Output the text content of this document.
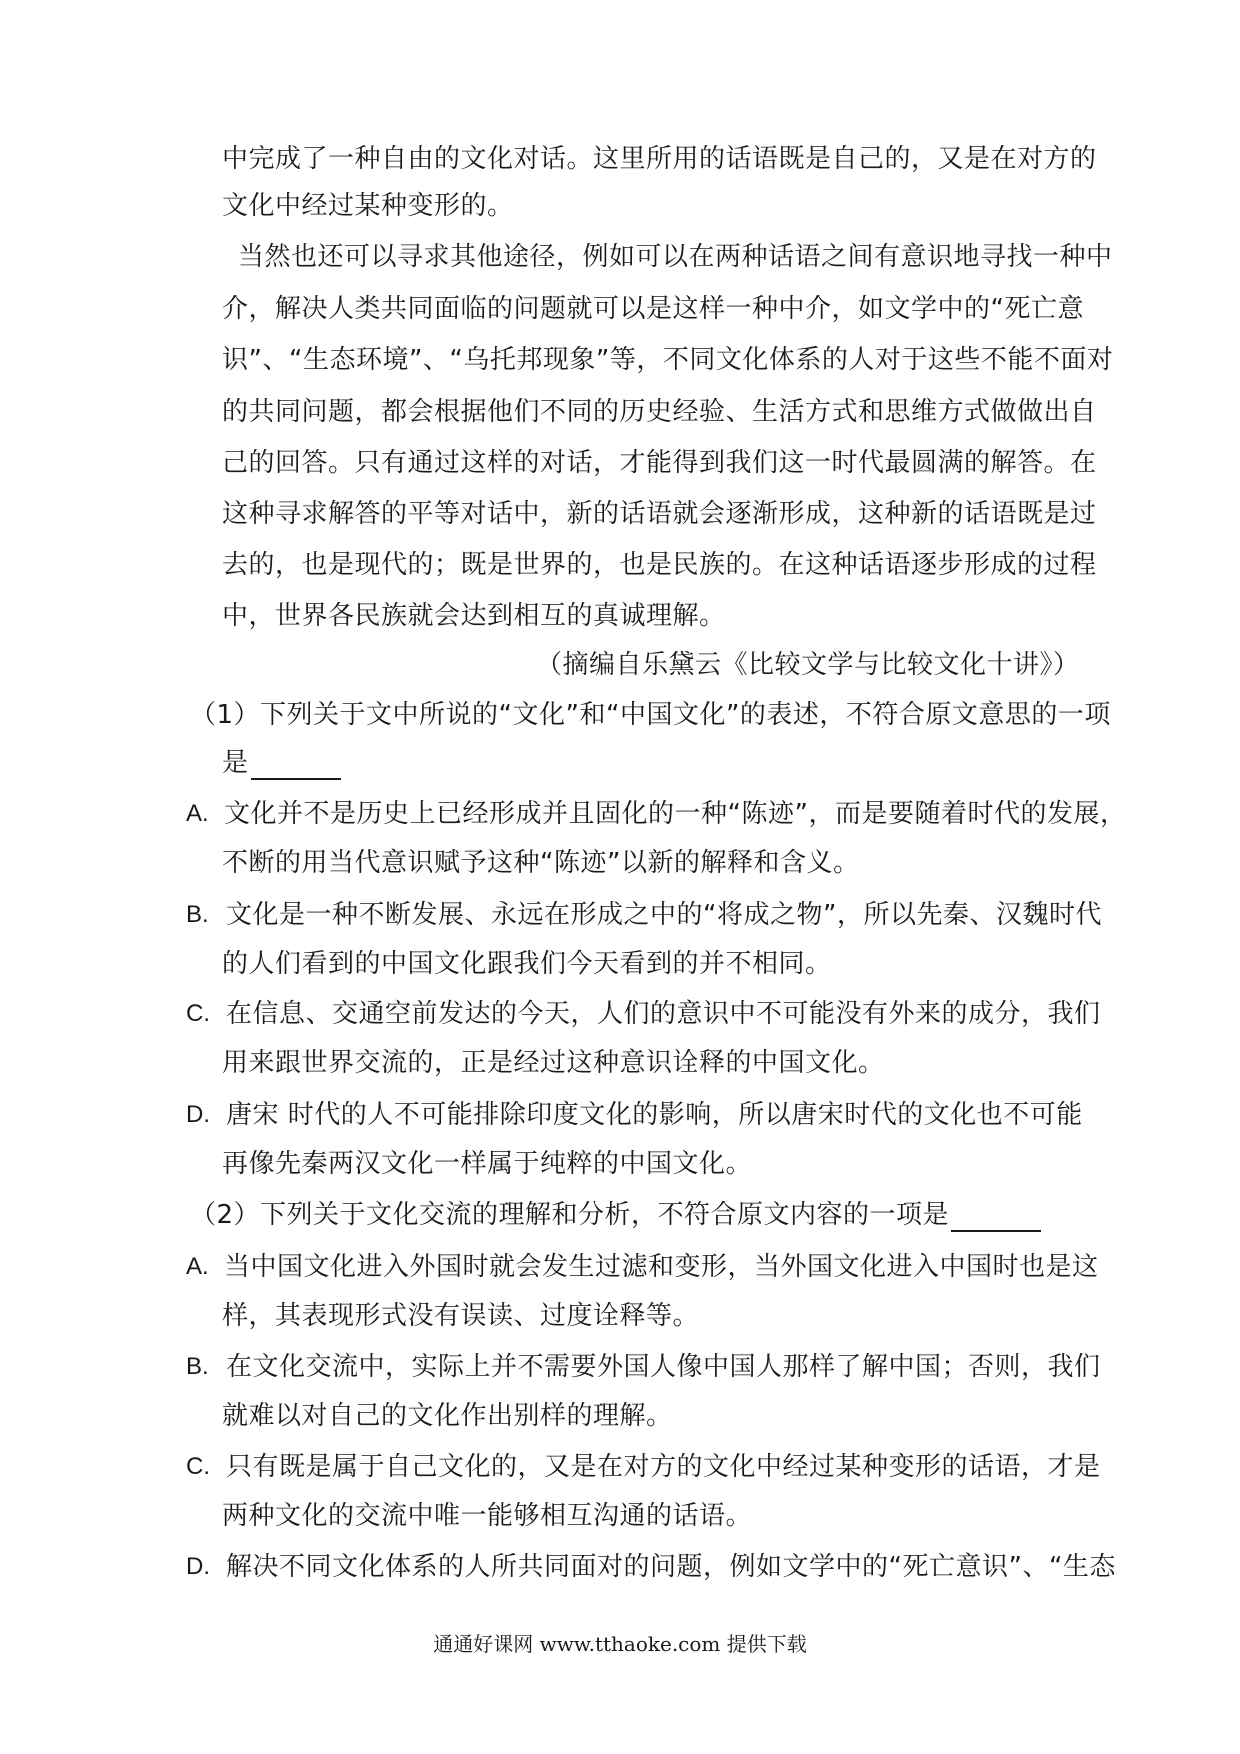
中完成了一种自由的文化对话。这里所用的话语既是自己的，又是在对方的
文化中经过某种变形的。
当然也还可以寻求其他途径，例如可以在两种话语之间有意识地寻找一种中
介，解决人类共同面临的问题就可以是这样一种中介，如文学中的“死亡意
识”、“生态环境”、“乌托邦现象”等，不同文化体系的人对于这些不能不面对
的共同问题，都会根据他们不同的历史经验、生活方式和思维方式做做出自
己的回答。只有通过这样的对话，才能得到我们这一时代最圆满的解答。在
这种寻求解答的平等对话中，新的话语就会逐渐形成，这种新的话语既是过
去的，也是现代的；既是世界的，也是民族的。在这种话语逐步形成的过程
中，世界各民族就会达到相互的真诚理解。
（摘编自乐黛云《比较文学与比较文化十讲》）
（1）下列关于文中所说的“文化”和“中国文化”的表述，不符合原文意思的一项
是
A. 文化并不是历史上已经形成并且固化的一种“陈迹”，而是要随着时代的发展，
不断的用当代意识赋予这种“陈迹”以新的解释和含义。
B. 文化是一种不断发展、永远在形成之中的“将成之物”，所以先秦、汉魏时代
的人们看到的中国文化跟我们今天看到的并不相同。
C. 在信息、交通空前发达的今天，人们的意识中不可能没有外来的成分，我们
用来跟世界交流的，正是经过这种意识诠释的中国文化。
D. 唐宋 时代的人不可能排除印度文化的影响，所以唐宋时代的文化也不可能
再像先秦两汉文化一样属于纯粹的中国文化。
（2）下列关于文化交流的理解和分析，不符合原文内容的一项是
A. 当中国文化进入外国时就会发生过滤和变形，当外国文化进入中国时也是这
样，其表现形式没有误读、过度诠释等。
B. 在文化交流中，实际上并不需要外国人像中国人那样了解中国；否则，我们
就难以对自己的文化作出别样的理解。
C. 只有既是属于自己文化的，又是在对方的文化中经过某种变形的话语，才是
两种文化的交流中唯一能够相互沟通的话语。
D. 解决不同文化体系的人所共同面对的问题，例如文学中的“死亡意识”、“生态
通通好课网 www.tthaoke.com 提供下载
